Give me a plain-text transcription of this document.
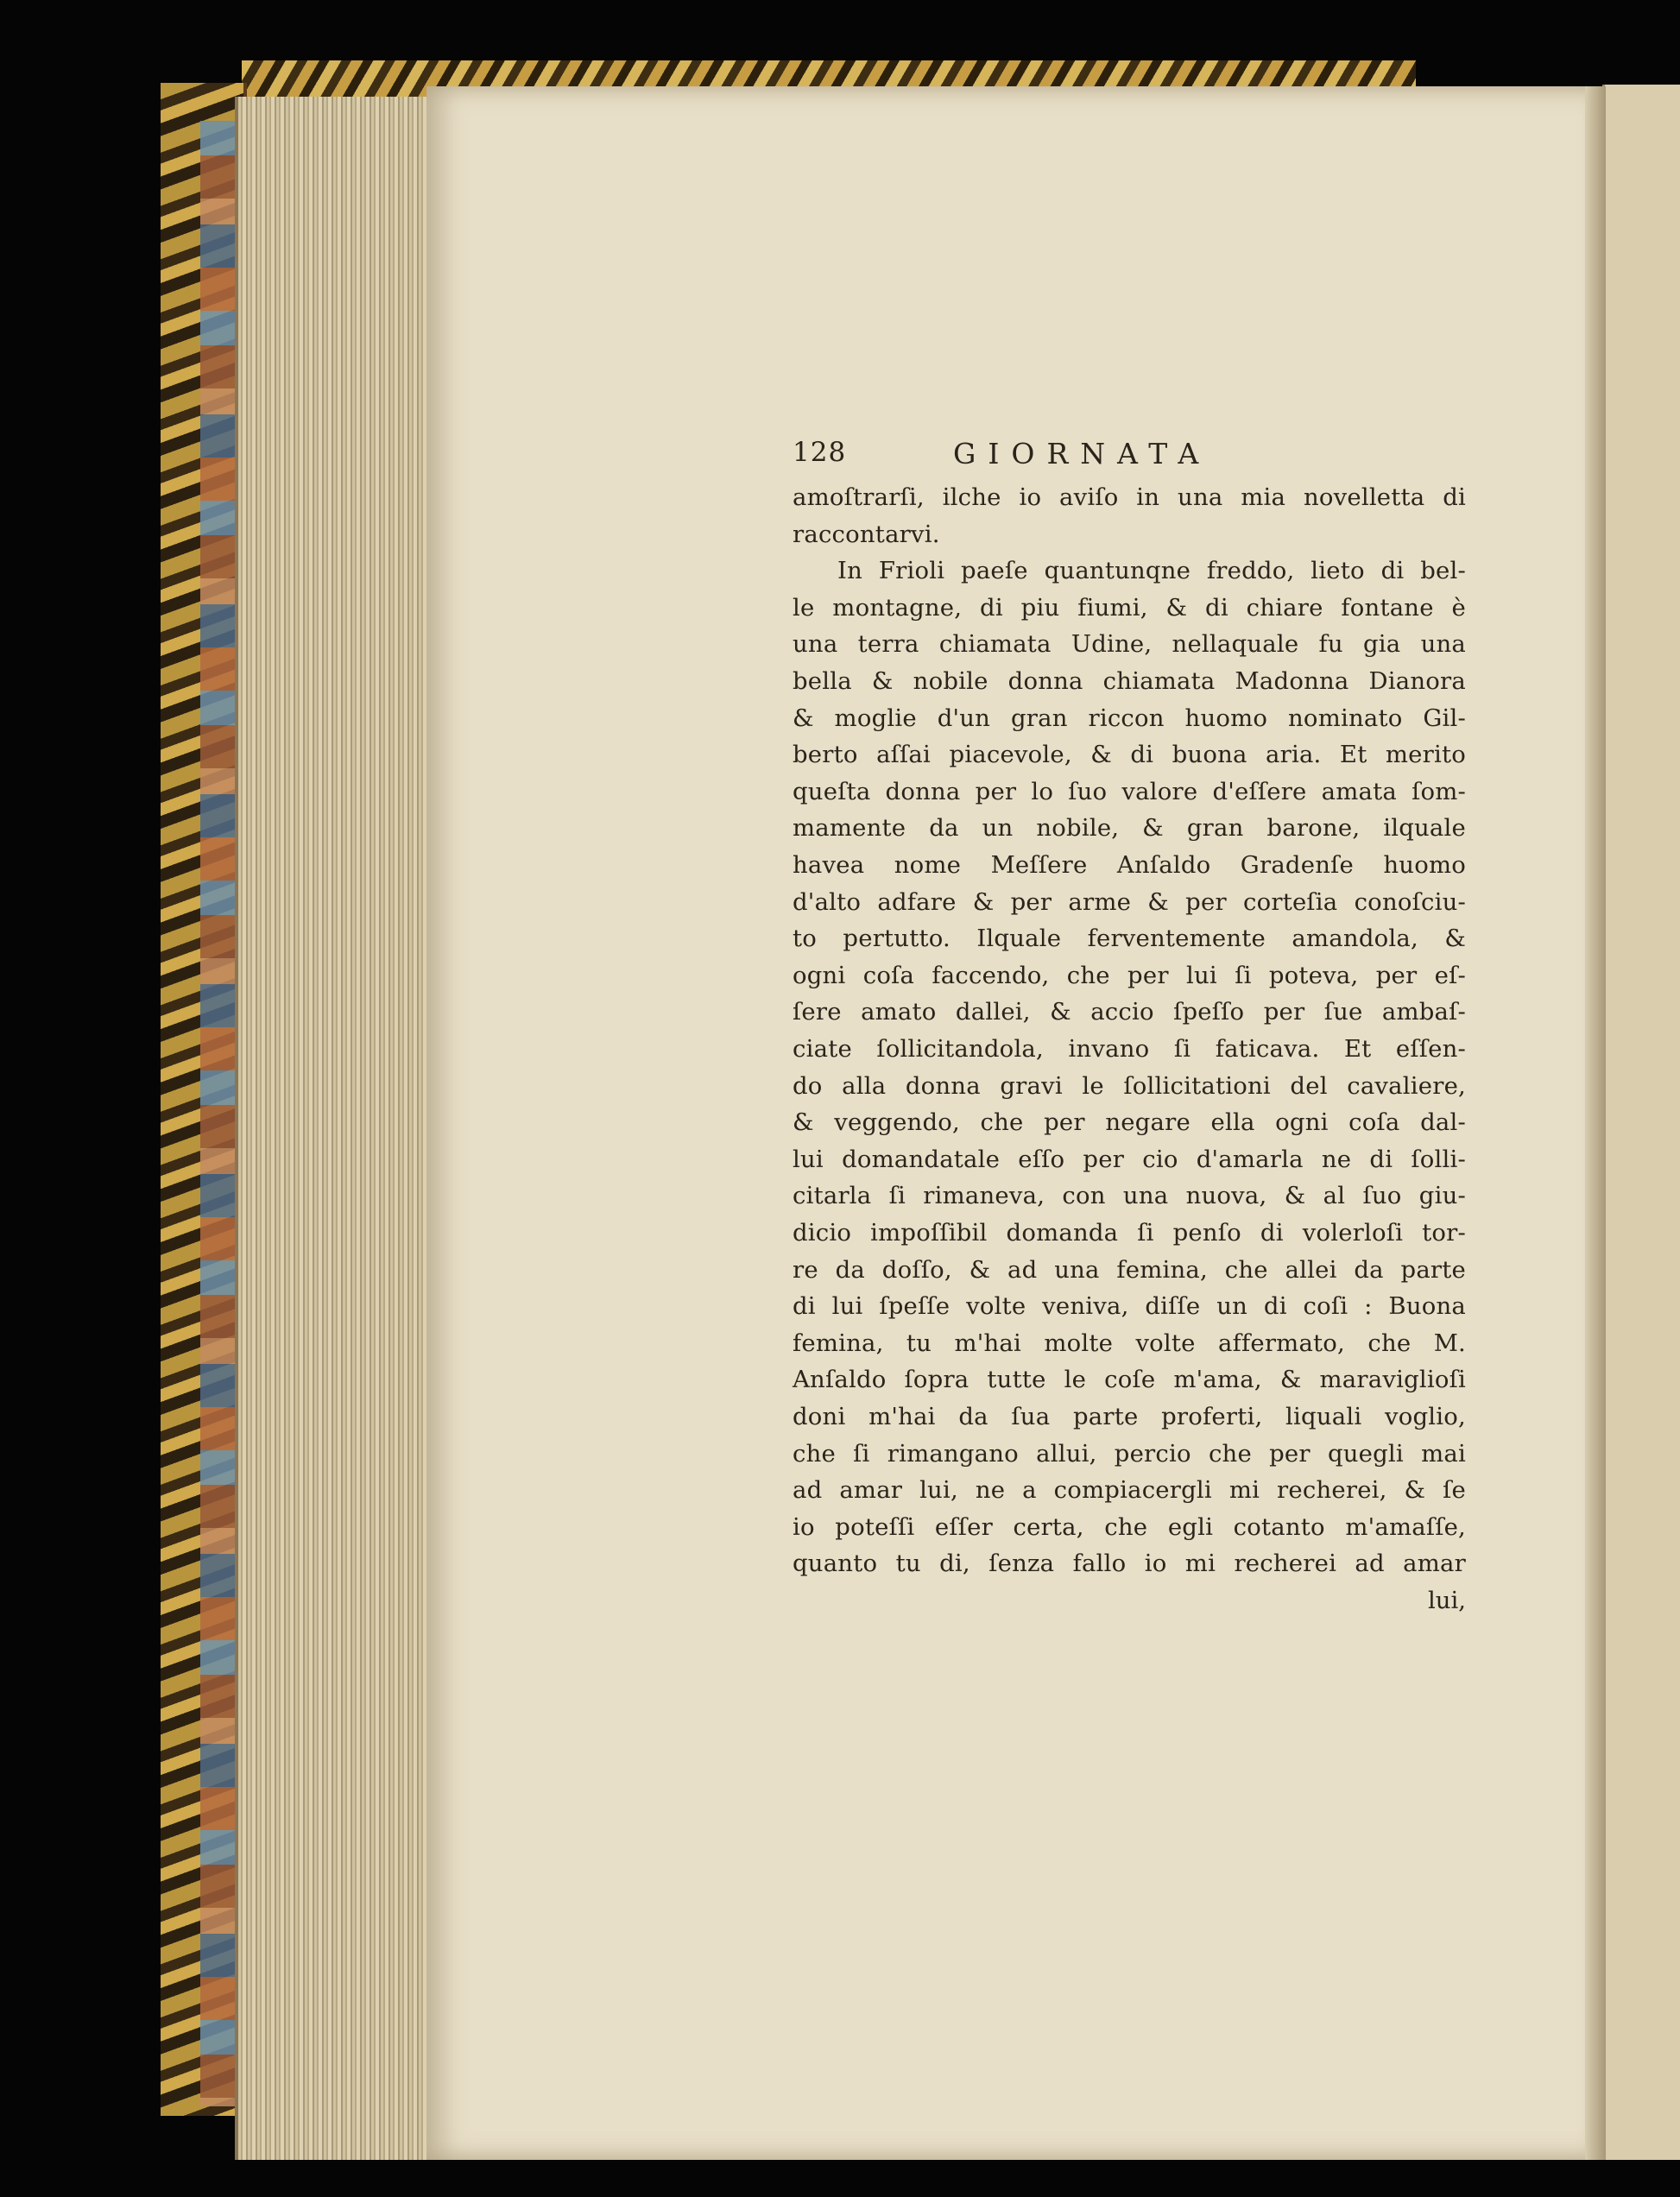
128	GIORNATA
amoſtrarſi, ilche io aviſo in una mia novelletta di
raccontarvi.
In Frioli paeſe quantunqne freddo, lieto di bel-
le montagne, di piu fiumi, & di chiare fontane è
una terra chiamata Udine, nellaquale fu gia una
bella & nobile donna chiamata Madonna Dianora
& moglie d'un gran riccon huomo nominato Gil-
berto aſſai piacevole, & di buona aria. Et merito
queſta donna per lo ſuo valore d'eſſere amata ſom-
mamente da un nobile, & gran barone, ilquale
havea nome Meſſere Anſaldo Gradenſe huomo
d'alto adfare & per arme & per corteſia conoſciu-
to pertutto. Ilquale ferventemente amandola, &
ogni coſa faccendo, che per lui ſi poteva, per eſ-
ſere amato dallei, & accio ſpeſſo per ſue ambaſ-
ciate ſollicitandola, invano ſi faticava. Et eſſen-
do alla donna gravi le ſollicitationi del cavaliere,
& veggendo, che per negare ella ogni coſa dal-
lui domandatale eſſo per cio d'amarla ne di ſolli-
citarla ſi rimaneva, con una nuova, & al ſuo giu-
dicio impoſſibil domanda ſi penſo di volerloſi tor-
re da doſſo, & ad una femina, che allei da parte
di lui ſpeſſe volte veniva, diſſe un di coſi : Buona
femina, tu m'hai molte volte affermato, che M.
Anſaldo ſopra tutte le coſe m'ama, & maraviglioſi
doni m'hai da ſua parte proferti, liquali voglio,
che ſi rimangano allui, percio che per quegli mai
ad amar lui, ne a compiacergli mi recherei, & ſe
io poteſſi eſſer certa, che egli cotanto m'amaſſe,
quanto tu di, ſenza fallo io mi recherei ad amar
lui,
